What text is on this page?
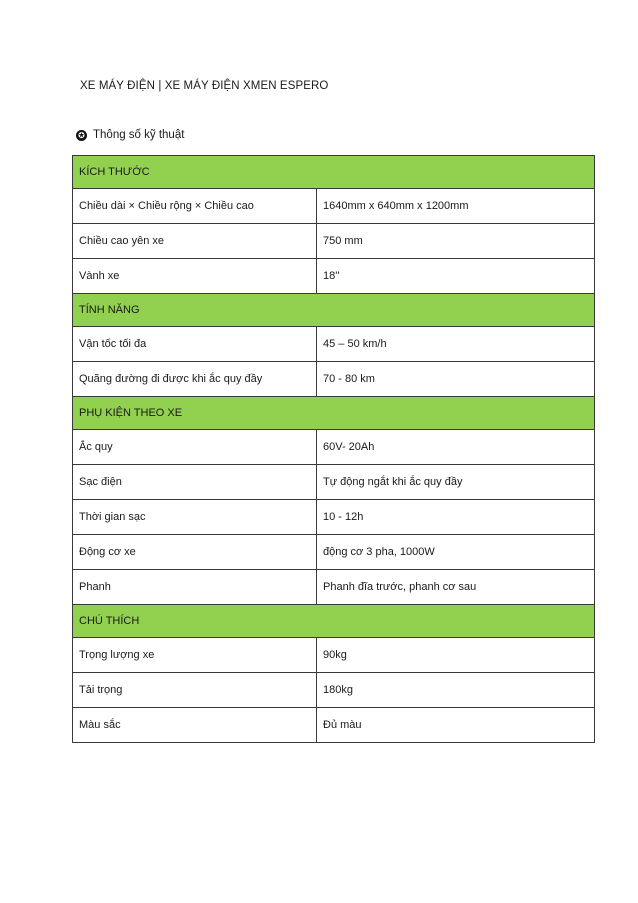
XE MÁY ĐIỆN | XE MÁY ĐIỆN XMEN ESPERO
✪ Thông số kỹ thuật
KÍCH THƯỚC	
Chiều dài × Chiều rộng × Chiều cao	1640mm x 640mm x 1200mm
Chiều cao yên xe	750 mm
Vành xe	18''
TÍNH NĂNG	
Vận tốc tối đa	45 – 50 km/h
Quãng đường đi được khi ắc quy đầy	70 - 80 km
PHỤ KIỆN THEO XE	
Ắc quy	60V- 20Ah
Sạc điện	Tự động ngắt khi ắc quy đầy
Thời gian sạc	10 - 12h
Động cơ xe	động cơ 3 pha, 1000W
Phanh	Phanh đĩa trước, phanh cơ sau
CHÚ THÍCH	
Trọng lượng xe	90kg
Tải trọng	180kg
Màu sắc	Đủ màu
